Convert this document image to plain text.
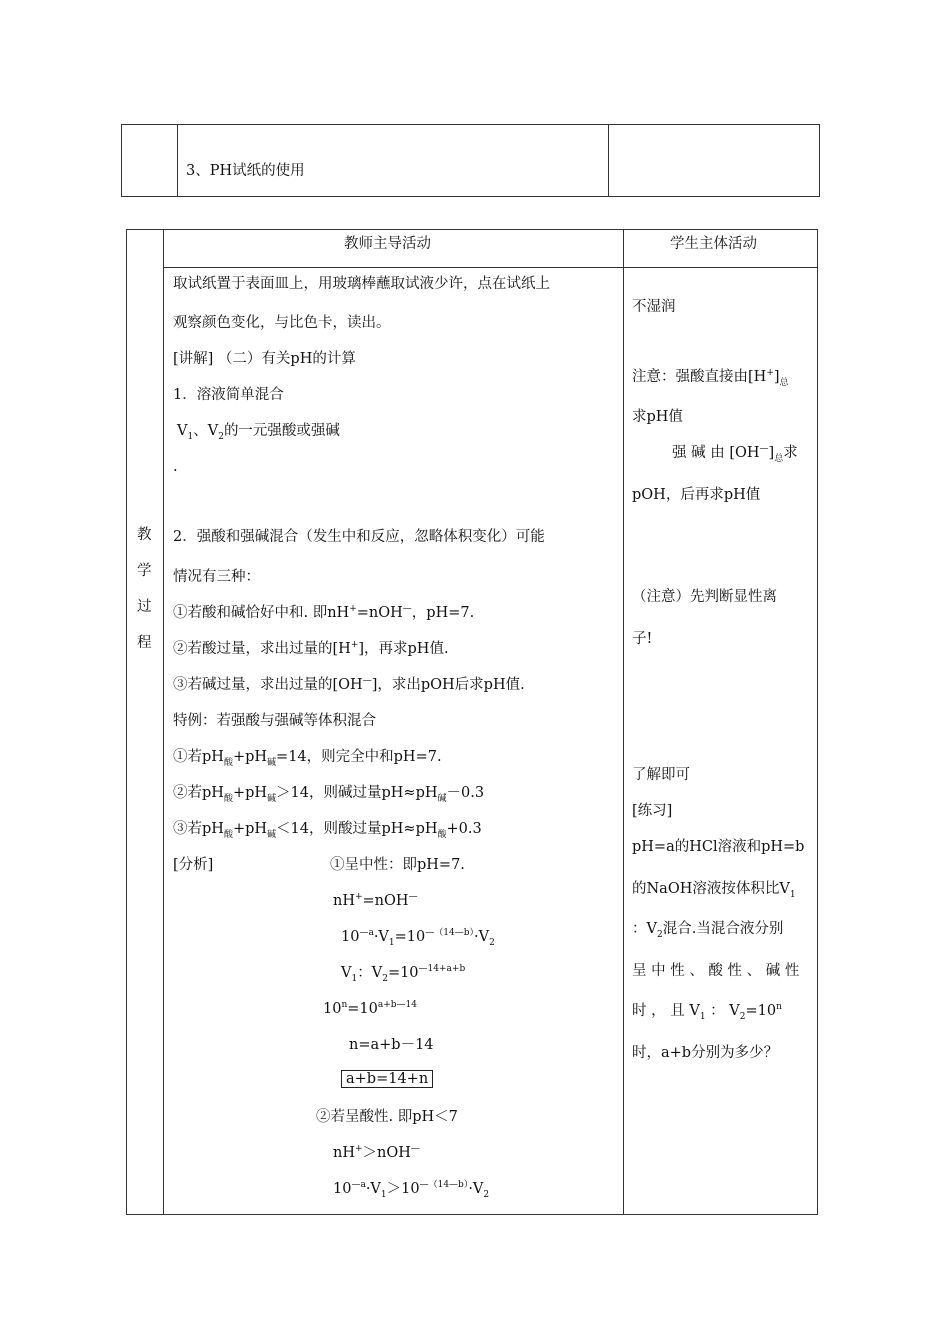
3、PH试纸的使用
教
学
过
程
教师主导活动	学生主体活动
取试纸置于表面皿上，用玻璃棒蘸取试液少许，点在试纸上
观察颜色变化，与比色卡，读出。
[讲解] （二）有关pH的计算
1．溶液简单混合
$V_1$、$V_2$的一元强酸或强碱
.
2．强酸和强碱混合（发生中和反应，忽略体积变化）可能
情况有三种：
①若酸和碱恰好中和. 即nH+=nOH—，pH=7.
②若酸过量，求出过量的[H+]，再求pH值.
③若碱过量，求出过量的[OH—]，求出pOH后求pH值.
特例：若强酸与强碱等体积混合
①若$pH_酸+pH_碱=14$，则完全中和pH=7.
②若$pH_酸+pH_碱>14$，则碱过量$pH\approx pH_碱-0.3$
③若$pH_酸+pH_碱<14$，则酸过量$pH\approx pH_酸+0.3$
[分析]	①呈中性：即pH=7.
nH+=nOH—
$10^{—a}\cdot V_1=10^{—(14—b)}\cdot V_2$
$V_1$：$V_2=10^{—14+a+b}$
$10^n=10^{a+b—14}$
n=a+b－14
a+b=14+n
②若呈酸性. 即pH＜7
nH+＞nOH—
$10^{—a}\cdot V_1>10^{—(14—b)}\cdot V_2$
不湿润
注意：强酸直接由$[H^+]_总$
求pH值
强 碱 由 $[OH^—]_总$求
pOH，后再求pH值
（注意）先判断显性离
子!
了解即可
[练习]
pH=a的HCl溶液和pH=b
的NaOH溶液按体积比$V_1$
：$V_2$混合.当混合液分别
呈 中 性 、 酸 性 、 碱 性
时 ， 且 $V_1$ ： $V_2=10^n$
时，a+b分别为多少？
